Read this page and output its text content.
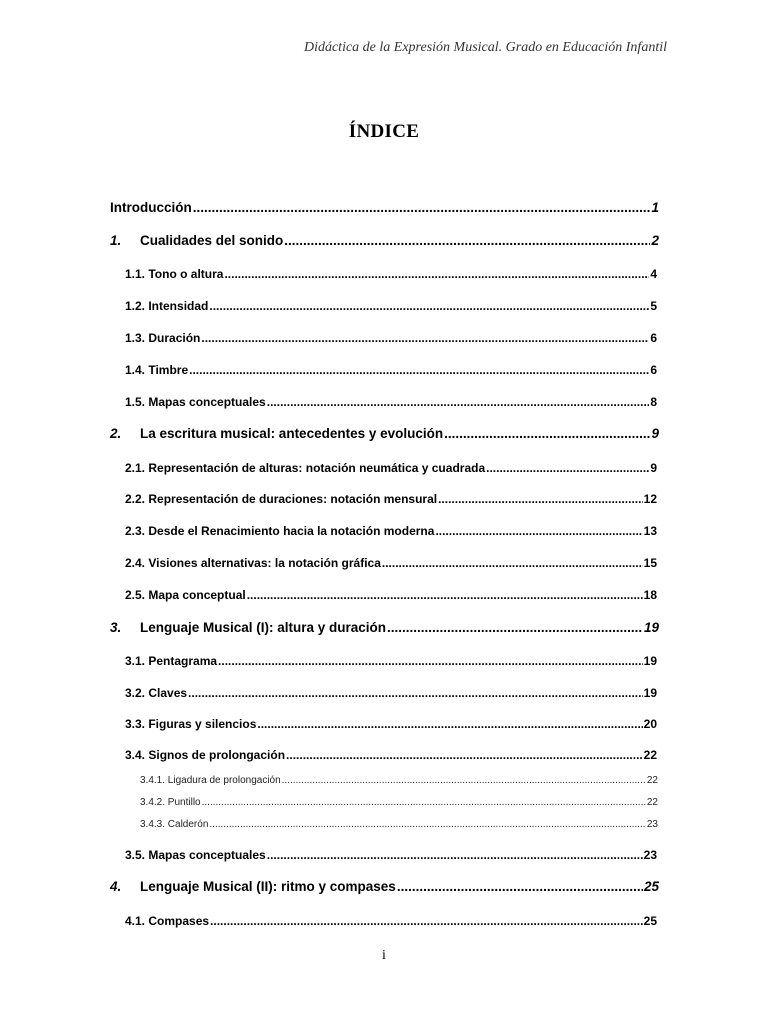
Didáctica de la Expresión Musical. Grado en Educación Infantil
ÍNDICE
Introducción .....	1
1. Cualidades del sonido .....	2
1.1. Tono o altura .....	4
1.2. Intensidad .....	5
1.3. Duración .....	6
1.4. Timbre .....	6
1.5. Mapas conceptuales .....	8
2. La escritura musical: antecedentes y evolución .....	9
2.1. Representación de alturas: notación neumática y cuadrada .....	9
2.2. Representación de duraciones: notación mensural .....	12
2.3. Desde el Renacimiento hacia la notación moderna .....	13
2.4. Visiones alternativas: la notación gráfica .....	15
2.5. Mapa conceptual .....	18
3. Lenguaje Musical (I): altura y duración .....	19
3.1. Pentagrama .....	19
3.2. Claves .....	19
3.3. Figuras y silencios .....	20
3.4. Signos de prolongación .....	22
3.4.1. Ligadura de prolongación .....	22
3.4.2. Puntillo .....	22
3.4.3. Calderón .....	23
3.5. Mapas conceptuales .....	23
4. Lenguaje Musical (II): ritmo y compases .....	25
4.1. Compases .....	25
i
